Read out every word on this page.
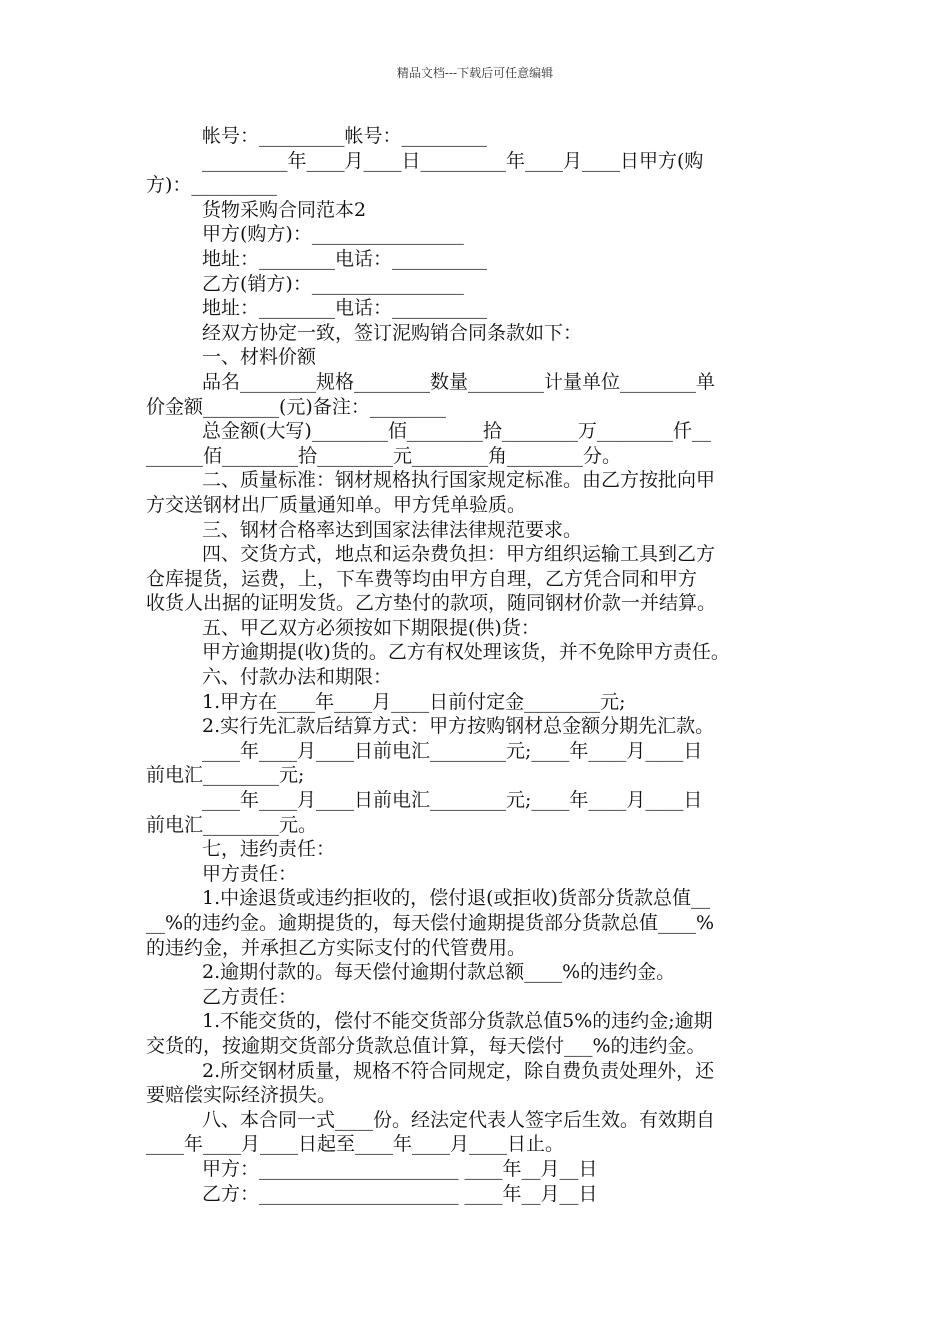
精品文档---下载后可任意编辑
帐号：_________帐号：_________
_________年____月____日_________年____月____日甲方(购
方)：_________
货物采购合同范本2
甲方(购方)：________________
地址：________电话：__________
乙方(销方)：________________
地址：________电话：__________
经双方协定一致，签订泥购销合同条款如下：
一、材料价额
品名________规格________数量________计量单位________单
价金额________(元)备注：________
总金额(大写)________佰________拾________万________仟__
______佰________拾________元________角________分。
二、质量标准：钢材规格执行国家规定标准。由乙方按批向甲
方交送钢材出厂质量通知单。甲方凭单验质。
三、钢材合格率达到国家法律法律规范要求。
四、交货方式，地点和运杂费负担：甲方组织运输工具到乙方
仓库提货，运费，上，下车费等均由甲方自理，乙方凭合同和甲方
收货人出据的证明发货。乙方垫付的款项，随同钢材价款一并结算。
五、甲乙双方必须按如下期限提(供)货：
甲方逾期提(收)货的。乙方有权处理该货，并不免除甲方责任。
六、付款办法和期限：
1.甲方在____年____月____日前付定金________元;
2.实行先汇款后结算方式：甲方按购钢材总金额分期先汇款。
____年____月____日前电汇________元;____年____月____日
前电汇________元;
____年____月____日前电汇________元;____年____月____日
前电汇________元。
七，违约责任：
甲方责任：
1.中途退货或违约拒收的，偿付退(或拒收)货部分货款总值__
__%的违约金。逾期提货的，每天偿付逾期提货部分货款总值____%
的违约金，并承担乙方实际支付的代管费用。
2.逾期付款的。每天偿付逾期付款总额____%的违约金。
乙方责任：
1.不能交货的，偿付不能交货部分货款总值5%的违约金;逾期
交货的，按逾期交货部分货款总值计算，每天偿付___%的违约金。
2.所交钢材质量，规格不符合同规定，除自费负责处理外，还
要赔偿实际经济损失。
八、本合同一式____份。经法定代表人签字后生效。有效期自
____年____月____日起至____年____月____日止。
甲方：_____________________ ____年__月__日
乙方：_____________________ ____年__月__日
